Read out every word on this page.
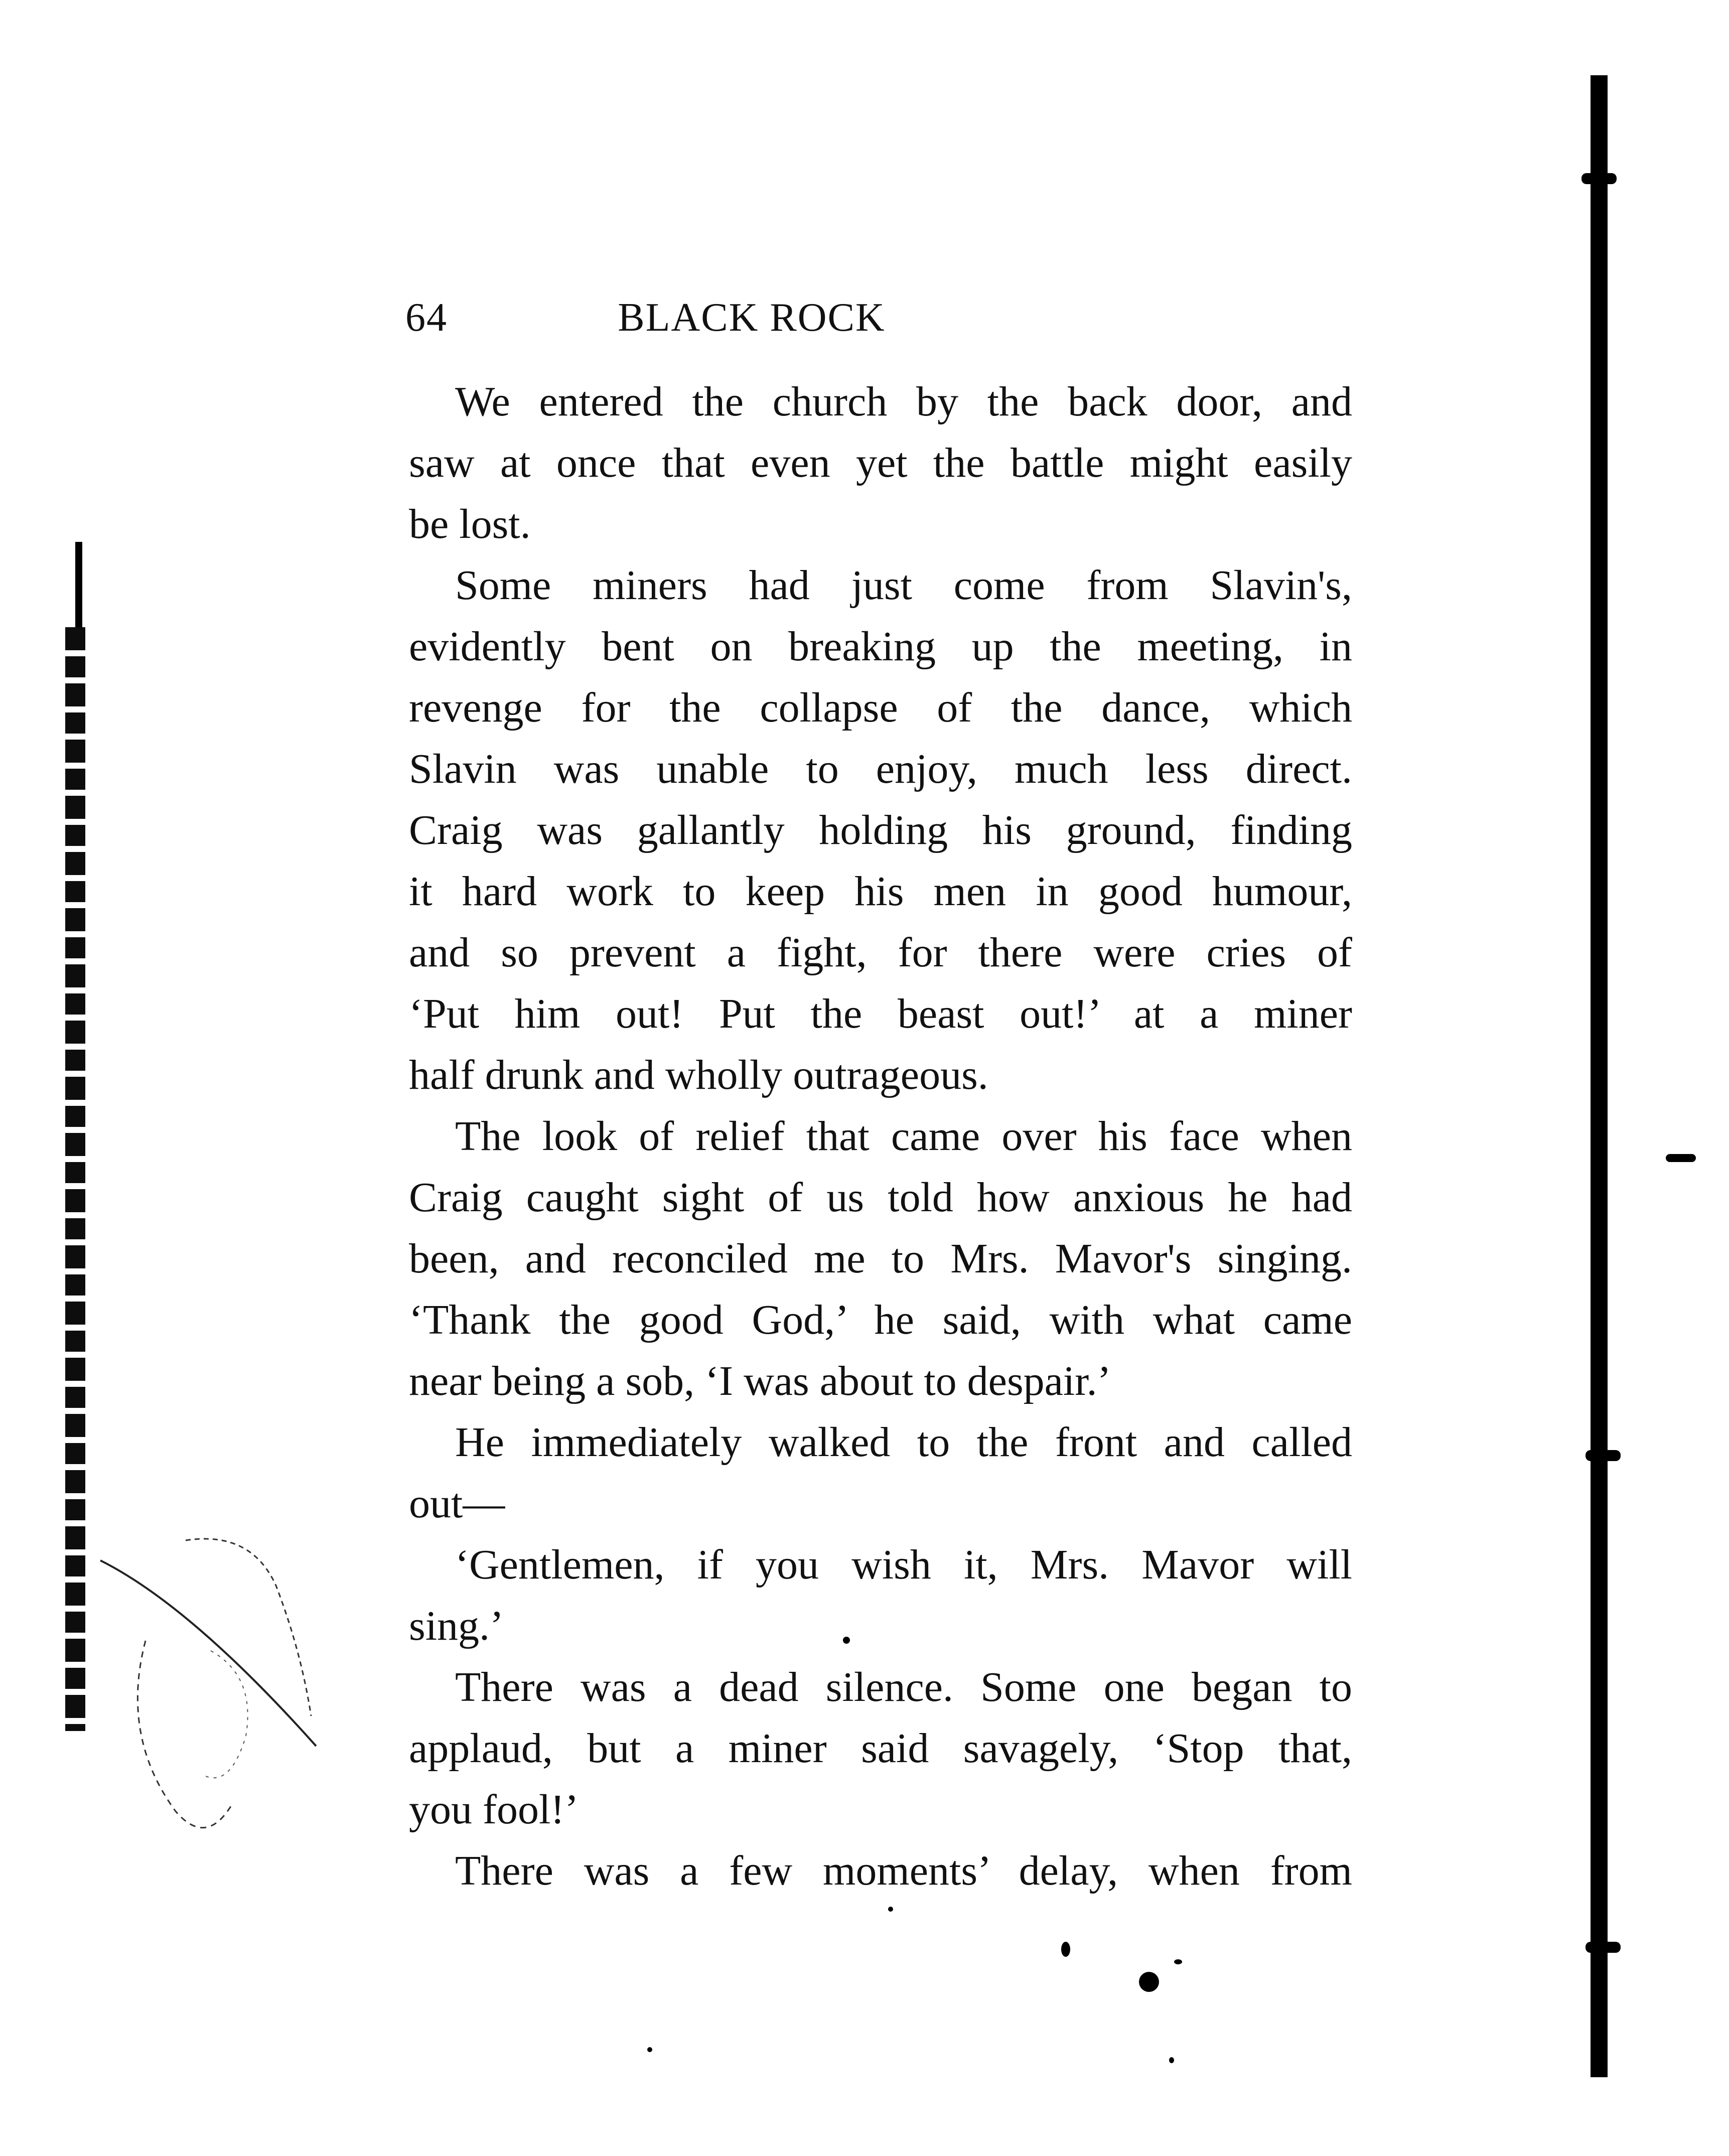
64	BLACK ROCK
We entered the church by the back door, and
saw at once that even yet the battle might easily
be lost.
Some miners had just come from Slavin's,
evidently bent on breaking up the meeting, in
revenge for the collapse of the dance, which
Slavin was unable to enjoy, much less direct.
Craig was gallantly holding his ground, finding
it hard work to keep his men in good humour,
and so prevent a fight, for there were cries of
‘Put him out! Put the beast out!’ at a miner
half drunk and wholly outrageous.
The look of relief that came over his face when
Craig caught sight of us told how anxious he had
been, and reconciled me to Mrs. Mavor's singing.
‘Thank the good God,’ he said, with what came
near being a sob, ‘I was about to despair.’
He immediately walked to the front and called
out—
‘Gentlemen, if you wish it, Mrs. Mavor will
sing.’
There was a dead silence. Some one began to
applaud, but a miner said savagely, ‘Stop that,
you fool!’
There was a few moments’ delay, when from
